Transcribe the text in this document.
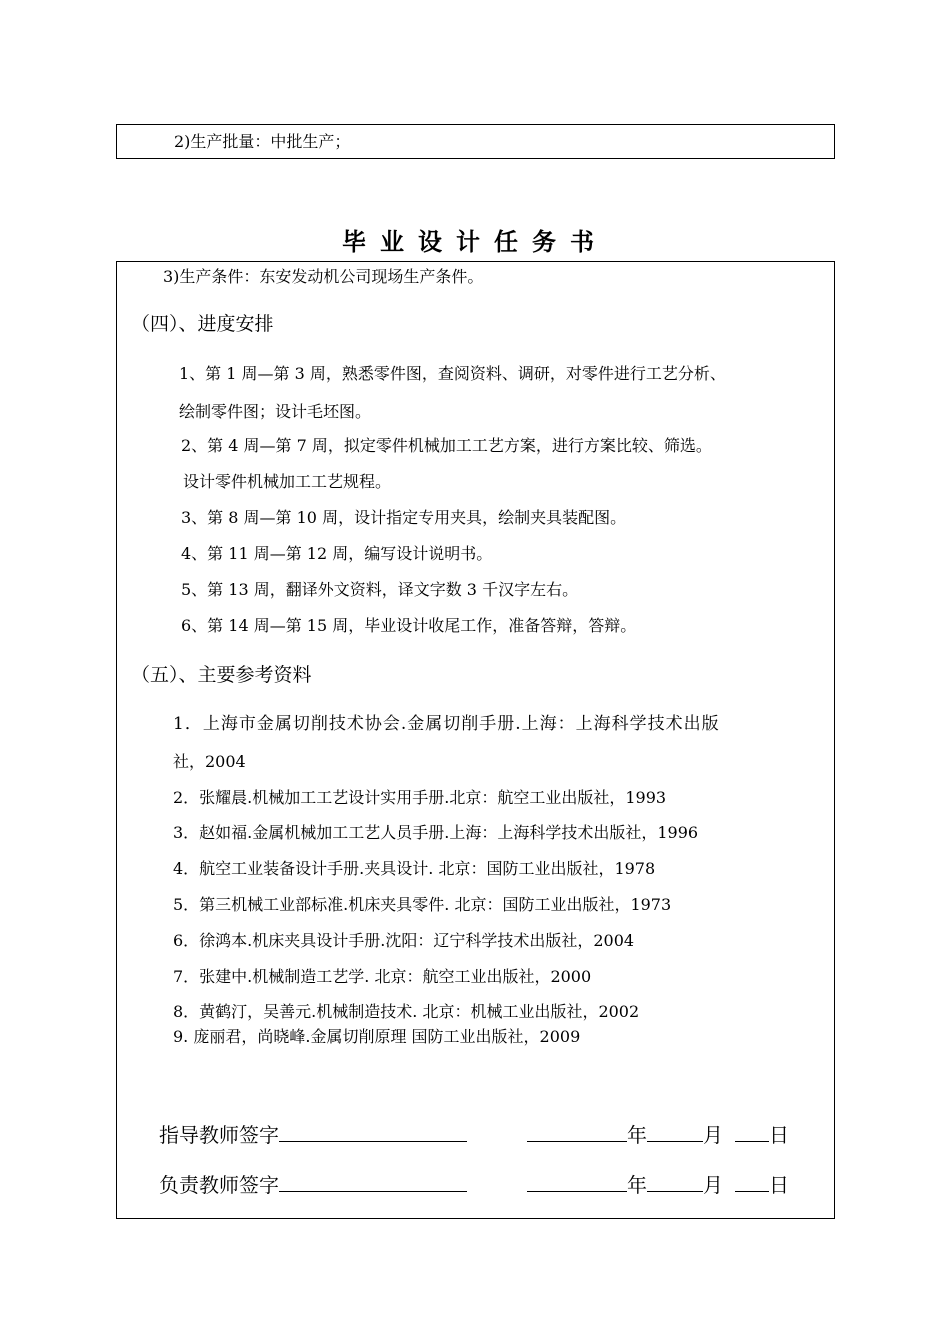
2)生产批量：中批生产；
毕业设计任务书
3)生产条件：东安发动机公司现场生产条件。
（四）、进度安排
1、第 1 周—第 3 周，熟悉零件图，查阅资料、调研，对零件进行工艺分析、
绘制零件图；设计毛坯图。
2、第 4 周—第 7 周，拟定零件机械加工工艺方案，进行方案比较、筛选。
设计零件机械加工工艺规程。
3、第 8 周—第 10 周，设计指定专用夹具，绘制夹具装配图。
4、第 11 周—第 12 周，编写设计说明书。
5、第 13 周，翻译外文资料，译文字数 3 千汉字左右。
6、第 14 周—第 15 周，毕业设计收尾工作，准备答辩，答辩。
（五）、主要参考资料
1．上海市金属切削技术协会.金属切削手册.上海：上海科学技术出版
社，2004
2．张耀晨.机械加工工艺设计实用手册.北京：航空工业出版社，1993
3．赵如福.金属机械加工工艺人员手册.上海：上海科学技术出版社，1996
4．航空工业装备设计手册.夹具设计. 北京：国防工业出版社，1978
5．第三机械工业部标准.机床夹具零件. 北京：国防工业出版社，1973
6．徐鸿本.机床夹具设计手册.沈阳：辽宁科学技术出版社，2004
7．张建中.机械制造工艺学. 北京：航空工业出版社，2000
8．黄鹤汀，吴善元.机械制造技术. 北京：机械工业出版社，2002
9. 庞丽君，尚晓峰.金属切削原理 国防工业出版社，2009
指导教师签字	年	月 日
负责教师签字	年	月 日
